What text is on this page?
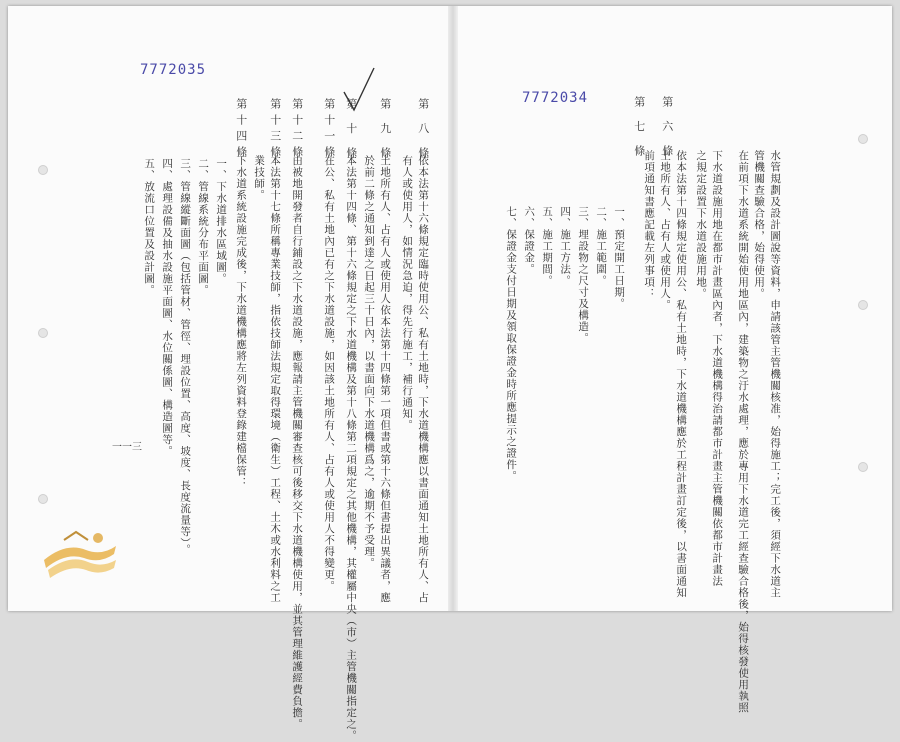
7772035
7772034	第 六 條
水管規劃及設計圖說等資料，申請該管主管機關核准，始得施工；完工後，須經下水道主
管機關查驗合格，始得使用。
在前項下水道系統開始使用地區內，建築物之汙水處理，應於專用下水道完工經查驗合格後，始得核發使用執照
第 七 條
下水道設施用地在都市計畫區內者，下水道機構得治請都市計畫主管機關依都市計畫法
之規定設置下水道設施用地。
依本法第十四條規定使用公、私有土地時，下水道機構應於工程計畫訂定後，以書面通知
土地所有人、占有人或使用人。
前項通知書應記載左列事項：
一、預定開工日期。
二、施工範圍。
三、埋設物之尺寸及構造。
四、施工方法。
五、施工期間。
六、保證金。
七、保證金支付日期及領取保證金時所應提示之證件。
第 八 條
依本法第十六條規定臨時使用公、私有土地時，下水道機構應以書面通知土地所有人、占
有人或使用人，如情況急迫，得先行施工，補行通知。
第 九 條
土地所有人、占有人或使用人依本法第十四條第一項但書或第十六條但書提出異議者，應
於前二條之通知到達之日起三十日內，以書面向下水道機構爲之，逾期不予受理。
第 十 條
本法第十四條、第十六條規定之下水道機構及第十八條第二項規定之其他機構，其權屬中央（市）主管機關指定之。
第十一條
在公、私有土地內已有之下水道設施，如因該土地所有人、占有人或使用人不得變更。
第十二條
由被地開發者自行鋪設之下水道設施，應報請主管機關審查核可後移交下水道機構使用，並其管理維護經費負擔。
第十三條
本法第十七條所稱專業技師，指依技師法規定取得環境（衛生）工程、土木或水利料之工
業技師。
第十四條
下水道系統設施完成後，下水道機構應將左列資料登錄建檔保管：
一、下水道排水區域圖。
二、管線系統分布平面圖。
三、管線縱斷面圖（包括管材、管徑、埋設位置、高度、坡度、長度流量等）。
四、處理設備及抽水設施平面圖、水位關係圖、構造圖等。
五、放流口位置及設計圖。
一一三
